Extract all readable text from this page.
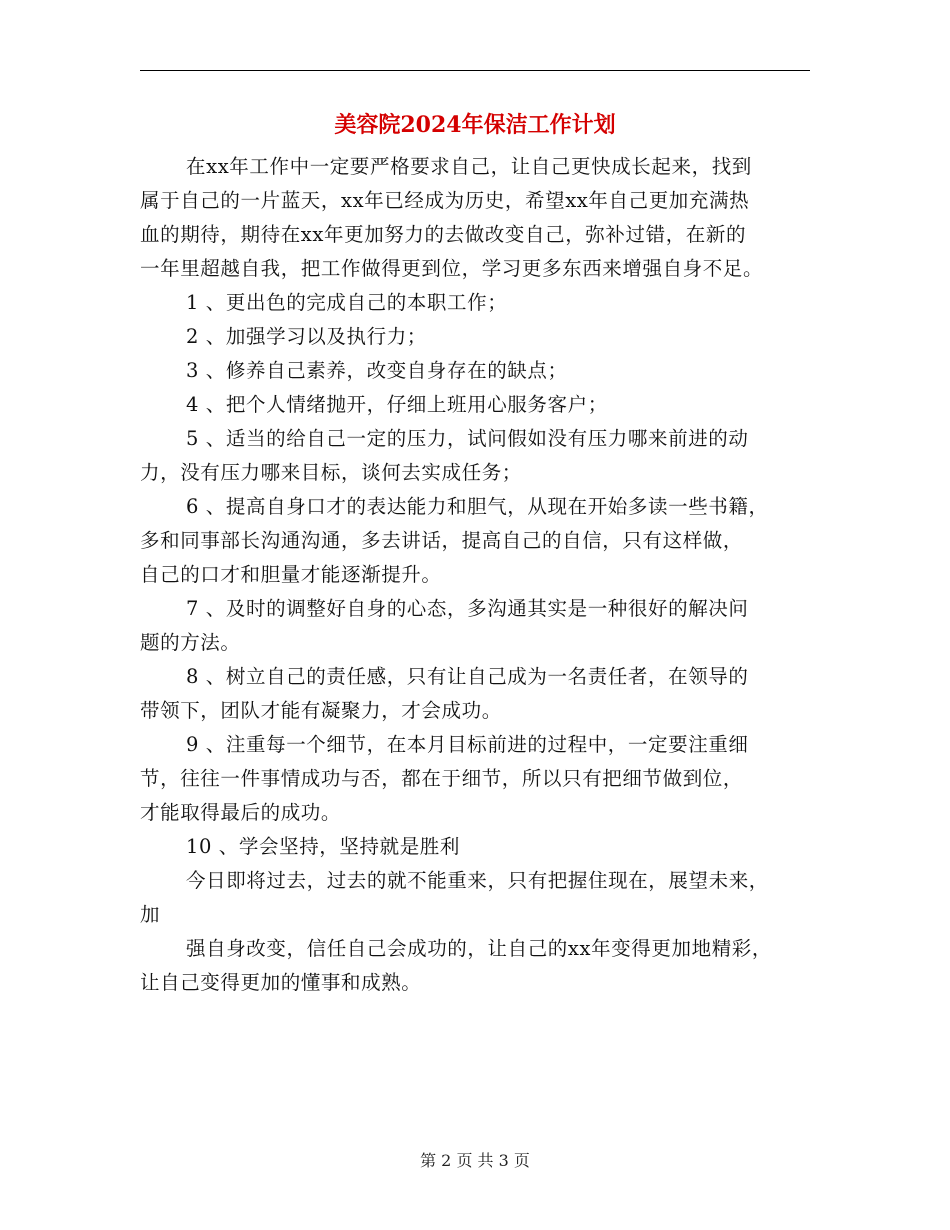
美容院2024年保洁工作计划
在xx年工作中一定要严格要求自己，让自己更快成长起来，找到
属于自己的一片蓝天，xx年已经成为历史，希望xx年自己更加充满热
血的期待，期待在xx年更加努力的去做改变自己，弥补过错，在新的
一年里超越自我，把工作做得更到位，学习更多东西来增强自身不足。
1 、更出色的完成自己的本职工作；
2 、加强学习以及执行力；
3 、修养自己素养，改变自身存在的缺点；
4 、把个人情绪抛开，仔细上班用心服务客户；
5 、适当的给自己一定的压力，试问假如没有压力哪来前进的动
力，没有压力哪来目标，谈何去实成任务；
6 、提高自身口才的表达能力和胆气，从现在开始多读一些书籍，
多和同事部长沟通沟通，多去讲话，提高自己的自信，只有这样做，
自己的口才和胆量才能逐渐提升。
7 、及时的调整好自身的心态，多沟通其实是一种很好的解决问
题的方法。
8 、树立自己的责任感，只有让自己成为一名责任者，在领导的
带领下，团队才能有凝聚力，才会成功。
9 、注重每一个细节，在本月目标前进的过程中，一定要注重细
节，往往一件事情成功与否，都在于细节，所以只有把细节做到位，
才能取得最后的成功。
10 、学会坚持，坚持就是胜利
今日即将过去，过去的就不能重来，只有把握住现在，展望未来，
加
强自身改变，信任自己会成功的，让自己的xx年变得更加地精彩，
让自己变得更加的懂事和成熟。
第 2 页 共 3 页
